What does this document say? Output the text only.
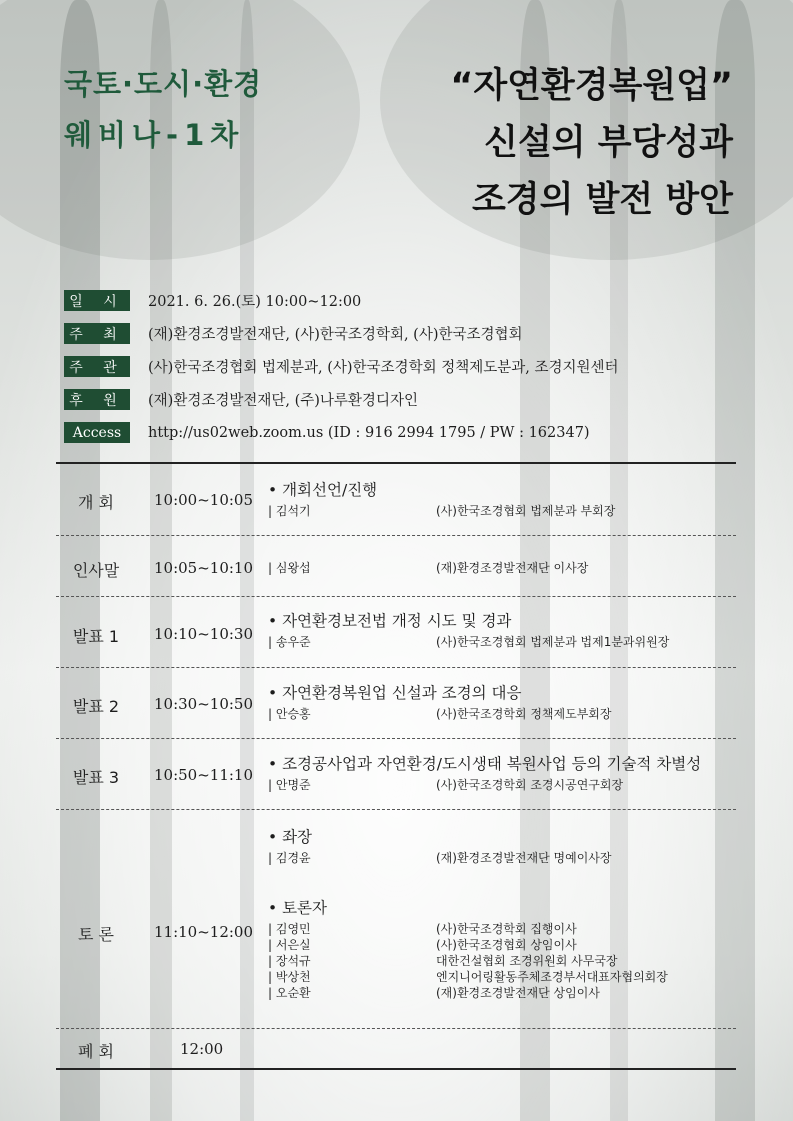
국토·도시·환경
웨비나-1차
“자연환경복원업”
신설의 부당성과
조경의 발전 방안
일 시	2021. 6. 26.(토) 10:00~12:00
주 최	(재)환경조경발전재단, (사)한국조경학회, (사)한국조경협회
주 관	(사)한국조경협회 법제분과, (사)한국조경학회 정책제도분과, 조경지원센터
후 원	(재)환경조경발전재단, (주)나루환경디자인
Access	http://us02web.zoom.us (ID : 916 2994 1795 / PW : 162347)
개 회	10:00~10:05
• 개회선언/진행
| 김석기	(사)한국조경협회 법제분과 부회장
인사말	10:05~10:10
|	심왕섭	(재)환경조경발전재단 이사장
발표 1	10:10~10:30
• 자연환경보전법 개정 시도 및 경과
| 송우준	(사)한국조경협회 법제분과 법제1분과위원장
발표 2	10:30~10:50
• 자연환경복원업 신설과 조경의 대응
| 안승홍	(사)한국조경학회 정책제도부회장
발표 3	10:50~11:10
• 조경공사업과 자연환경/도시생태 복원사업 등의 기술적 차별성
| 안명준	(사)한국조경학회 조경시공연구회장
토 론	11:10~12:00
• 좌장
| 김경윤	(재)환경조경발전재단 명예이사장
• 토론자
| 김영민	(사)한국조경학회 집행이사
| 서은실	(사)한국조경협회 상임이사
| 장석규	대한건설협회 조경위원회 사무국장
| 박상천	엔지니어링활동주체조경부서대표자협의회장
| 오순환	(재)환경조경발전재단 상임이사
폐 회	12:00
